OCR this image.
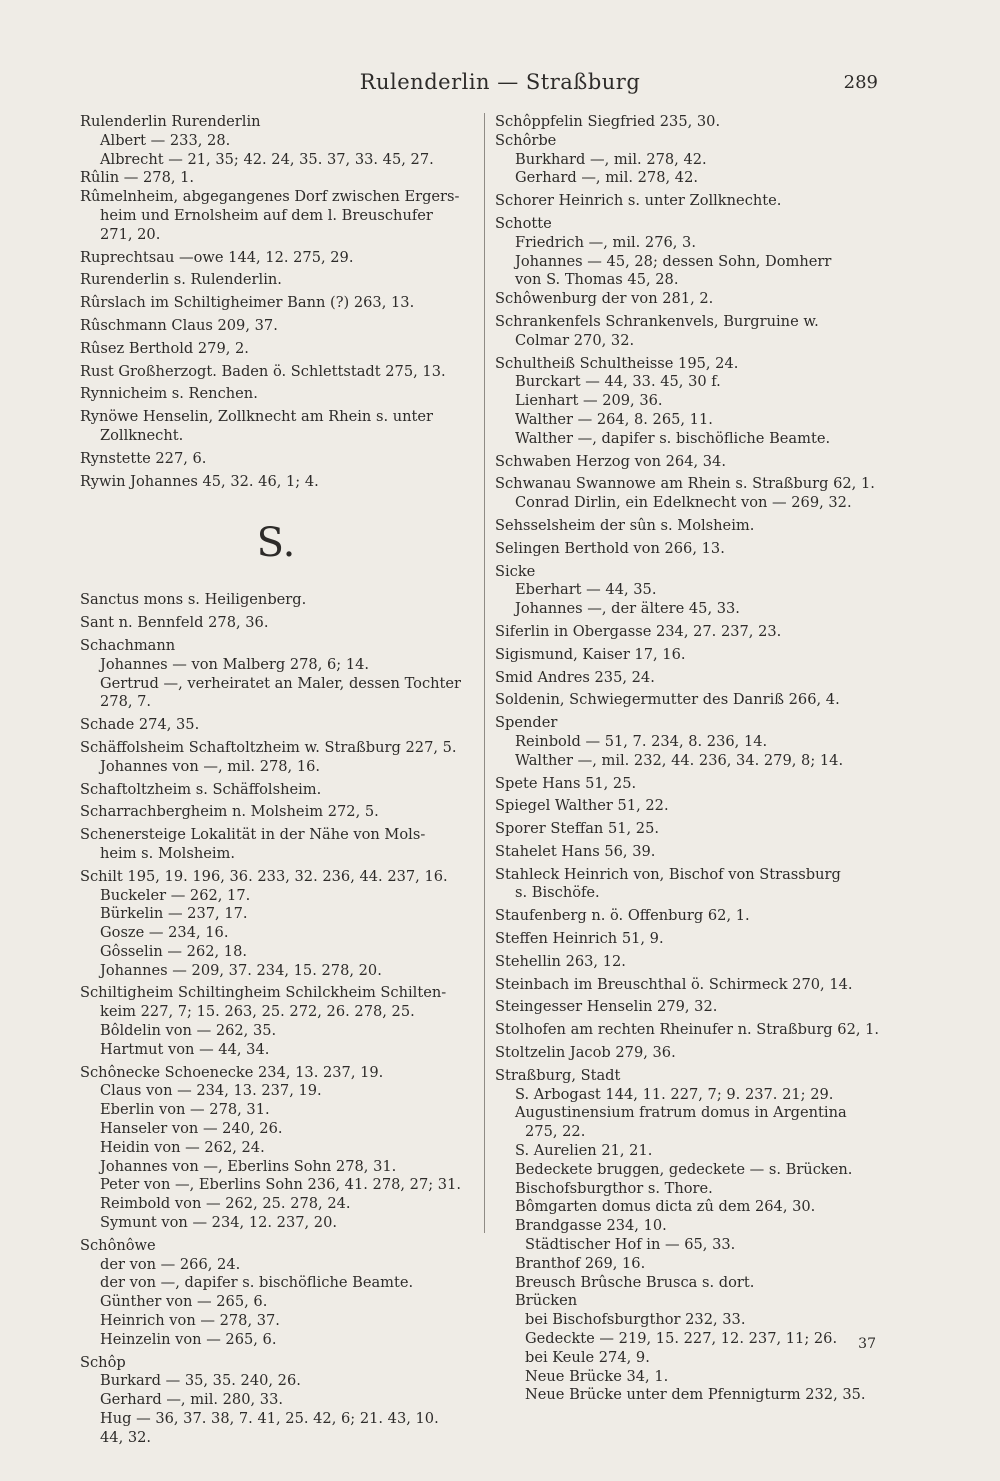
Rulenderlin — Straßburg	289
Rulenderlin Rurenderlin
Albert — 233, 28.
Albrecht — 21, 35; 42. 24, 35. 37, 33. 45, 27.
Rûlin — 278, 1.
Rûmelnheim, abgegangenes Dorf zwischen Ergers-
heim und Ernolsheim auf dem l. Breuschufer
271, 20.
Ruprechtsau —owe 144, 12. 275, 29.
Rurenderlin s. Rulenderlin.
Rûrslach im Schiltigheimer Bann (?) 263, 13.
Rûschmann Claus 209, 37.
Rûsez Berthold 279, 2.
Rust Großherzogt. Baden ö. Schlettstadt 275, 13.
Rynnicheim s. Renchen.
Rynöwe Henselin, Zollknecht am Rhein s. unter
Zollknecht.
Rynstette 227, 6.
Rywin Johannes 45, 32. 46, 1; 4.
S.
Sanctus mons s. Heiligenberg.
Sant n. Bennfeld 278, 36.
Schachmann
Johannes — von Malberg 278, 6; 14.
Gertrud —, verheiratet an Maler, dessen Tochter
278, 7.
Schade 274, 35.
Schäffolsheim Schaftoltzheim w. Straßburg 227, 5.
Johannes von —, mil. 278, 16.
Schaftoltzheim s. Schäffolsheim.
Scharrachbergheim n. Molsheim 272, 5.
Schenersteige Lokalität in der Nähe von Mols-
heim s. Molsheim.
Schilt 195, 19. 196, 36. 233, 32. 236, 44. 237, 16.
Buckeler — 262, 17.
Bürkelin — 237, 17.
Gosze — 234, 16.
Gôsselin — 262, 18.
Johannes — 209, 37. 234, 15. 278, 20.
Schiltigheim Schiltingheim Schilckheim Schilten-
keim 227, 7; 15. 263, 25. 272, 26. 278, 25.
Bôldelin von — 262, 35.
Hartmut von — 44, 34.
Schônecke Schoenecke 234, 13. 237, 19.
Claus von — 234, 13. 237, 19.
Eberlin von — 278, 31.
Hanseler von — 240, 26.
Heidin von — 262, 24.
Johannes von —, Eberlins Sohn 278, 31.
Peter von —, Eberlins Sohn 236, 41. 278, 27; 31.
Reimbold von — 262, 25. 278, 24.
Symunt von — 234, 12. 237, 20.
Schônôwe
der von — 266, 24.
der von —, dapifer s. bischöfliche Beamte.
Günther von — 265, 6.
Heinrich von — 278, 37.
Heinzelin von — 265, 6.
Schôp
Burkard — 35, 35. 240, 26.
Gerhard —, mil. 280, 33.
Hug — 36, 37. 38, 7. 41, 25. 42, 6; 21. 43, 10.
44, 32.
Schôppfelin Siegfried 235, 30.
Schôrbe
Burkhard —, mil. 278, 42.
Gerhard —, mil. 278, 42.
Schorer Heinrich s. unter Zollknechte.
Schotte
Friedrich —, mil. 276, 3.
Johannes — 45, 28; dessen Sohn, Domherr
von S. Thomas 45, 28.
Schôwenburg der von 281, 2.
Schrankenfels Schrankenvels, Burgruine w.
Colmar 270, 32.
Schultheiß Schultheisse 195, 24.
Burckart — 44, 33. 45, 30 f.
Lienhart — 209, 36.
Walther — 264, 8. 265, 11.
Walther —, dapifer s. bischöfliche Beamte.
Schwaben Herzog von 264, 34.
Schwanau Swannowe am Rhein s. Straßburg 62, 1.
Conrad Dirlin, ein Edelknecht von — 269, 32.
Sehsselsheim der sûn s. Molsheim.
Selingen Berthold von 266, 13.
Sicke
Eberhart — 44, 35.
Johannes —, der ältere 45, 33.
Siferlin in Obergasse 234, 27. 237, 23.
Sigismund, Kaiser 17, 16.
Smid Andres 235, 24.
Soldenin, Schwiegermutter des Danriß 266, 4.
Spender
Reinbold — 51, 7. 234, 8. 236, 14.
Walther —, mil. 232, 44. 236, 34. 279, 8; 14.
Spete Hans 51, 25.
Spiegel Walther 51, 22.
Sporer Steffan 51, 25.
Stahelet Hans 56, 39.
Stahleck Heinrich von, Bischof von Strassburg
s. Bischöfe.
Staufenberg n. ö. Offenburg 62, 1.
Steffen Heinrich 51, 9.
Stehellin 263, 12.
Steinbach im Breuschthal ö. Schirmeck 270, 14.
Steingesser Henselin 279, 32.
Stolhofen am rechten Rheinufer n. Straßburg 62, 1.
Stoltzelin Jacob 279, 36.
Straßburg, Stadt
S. Arbogast 144, 11. 227, 7; 9. 237. 21; 29.
Augustinensium fratrum domus in Argentina
275, 22.
S. Aurelien 21, 21.
Bedeckete bruggen, gedeckete — s. Brücken.
Bischofsburgthor s. Thore.
Bômgarten domus dicta zû dem 264, 30.
Brandgasse 234, 10.
Städtischer Hof in — 65, 33.
Branthof 269, 16.
Breusch Brûsche Brusca s. dort.
Brücken
bei Bischofsburgthor 232, 33.
Gedeckte — 219, 15. 227, 12. 237, 11; 26.
bei Keule 274, 9.
Neue Brücke 34, 1.
Neue Brücke unter dem Pfennigturm 232, 35.
37
